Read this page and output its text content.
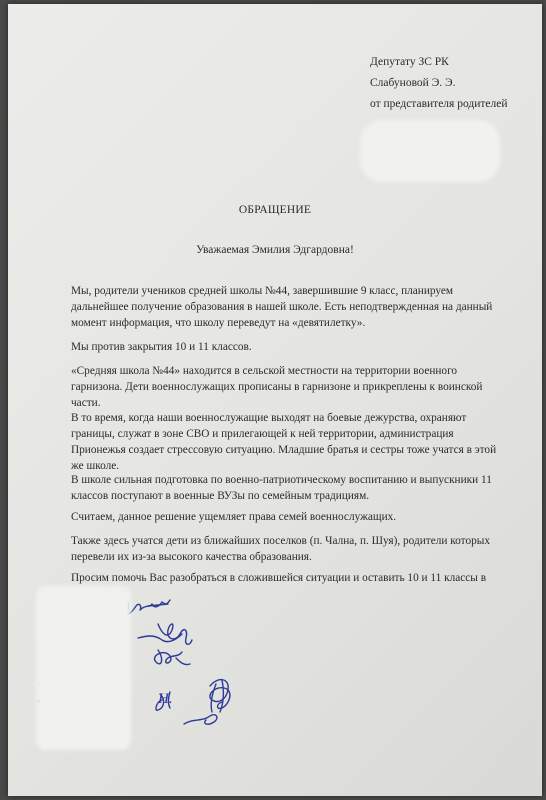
Депутату ЗС РК
Слабуновой Э. Э.
от представителя родителей
ОБРАЩЕНИЕ
Уважаемая Эмилия Эдгардовна!
Мы, родители учеников средней школы №44, завершившие 9 класс, планируем дальнейшее получение образования в нашей школе. Есть неподтвержденная на данный момент информация, что школу переведут на «девятилетку».
Мы против закрытия 10 и 11 классов.
«Средняя школа №44» находится в сельской местности на территории военного гарнизона. Дети военнослужащих прописаны в гарнизоне и прикреплены к воинской части.
В то время, когда наши военнослужащие выходят на боевые дежурства, охраняют границы, служат в зоне СВО и прилегающей к ней территории, администрация Прионежья создает стрессовую ситуацию. Младшие братья и сестры тоже учатся в этой же школе.
В школе сильная подготовка по военно-патриотическому воспитанию и выпускники 11 классов поступают в военные ВУЗы по семейным традициям.
Считаем, данное решение ущемляет права семей военнослужащих.
Также здесь учатся дети из ближайших поселков (п. Чална, п. Шуя), родители которых перевели их из-за высокого качества образования.
Просим помочь Вас разобраться в сложившейся ситуации и оставить 10 и 11 классы в
Н.
